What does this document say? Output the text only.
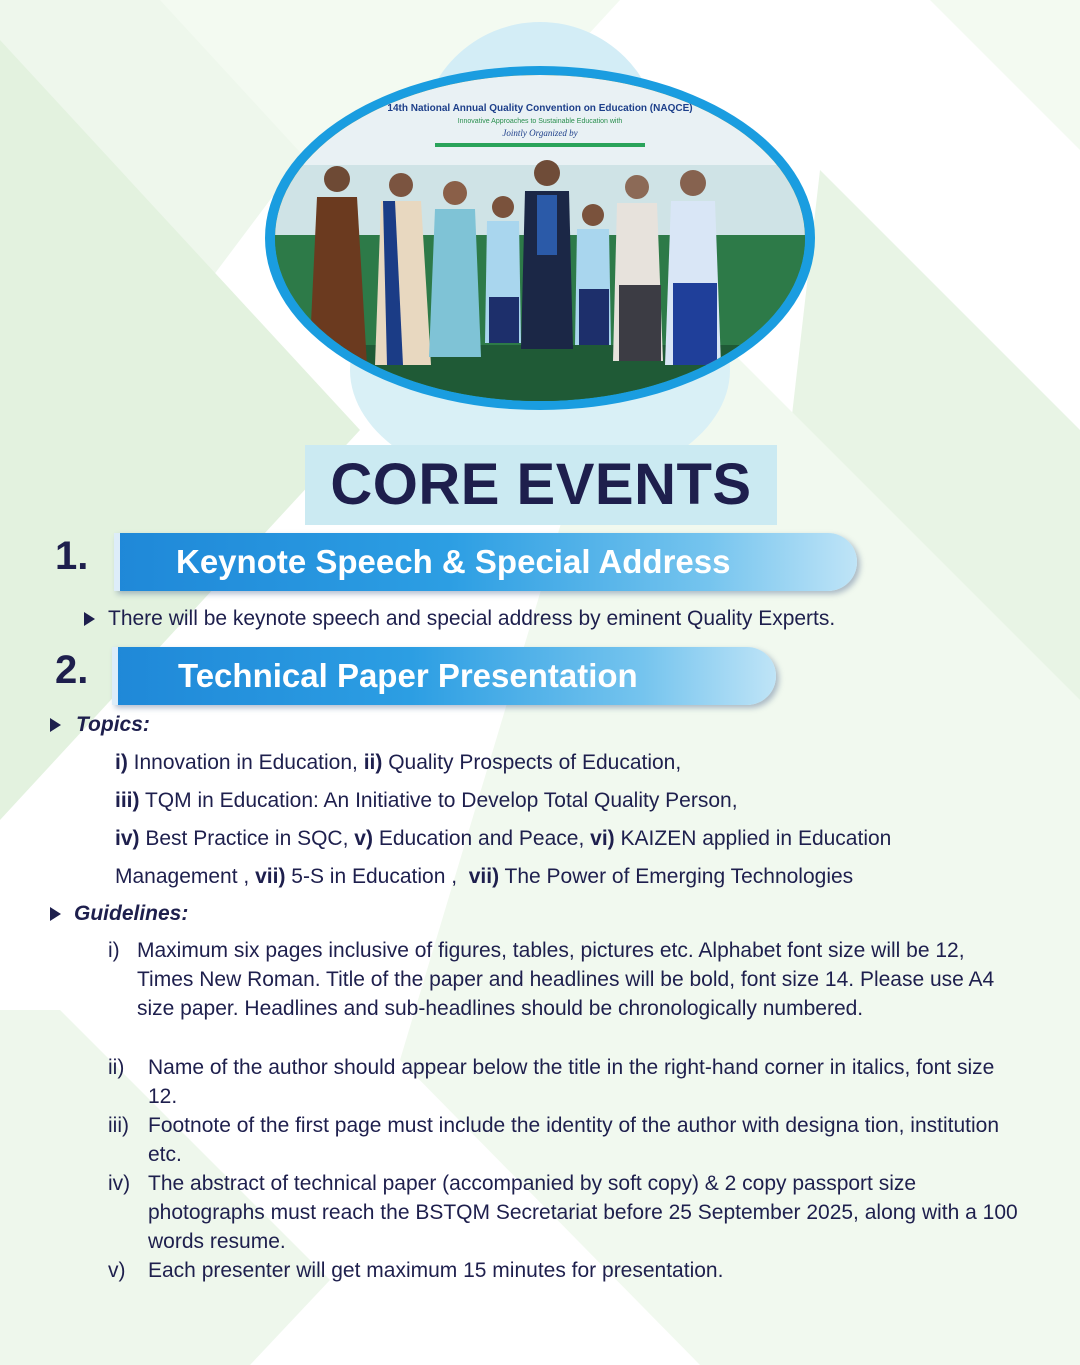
14th National Annual Quality Convention on Education (NAQCE)
Innovative Approaches to Sustainable Education with
Jointly Organized by
CORE EVENTS
1.	Keynote Speech & Special Address
There will be keynote speech and special address by eminent Quality Experts.
2.	Technical Paper Presentation
Topics:
i) Innovation in Education, ii) Quality Prospects of Education,
iii) TQM in Education: An Initiative to Develop Total Quality Person,
iv) Best Practice in SQC, v) Education and Peace, vi) KAIZEN applied in Education
Management , vii) 5-S in Education , vii) The Power of Emerging Technologies
Guidelines:
i) Maximum six pages inclusive of figures, tables, pictures etc. Alphabet font size will be 12, Times New Roman. Title of the paper and headlines will be bold, font size 14. Please use A4 size paper. Headlines and sub-headlines should be chronologically numbered.

ii) Name of the author should appear below the title in the right-hand corner in italics, font size 12.

iii) Footnote of the first page must include the identity of the author with designa tion, institution etc.

iv) The abstract of technical paper (accompanied by soft copy) & 2 copy passport size photographs must reach the BSTQM Secretariat before 25 September 2025, along with a 100 words resume.

v) Each presenter will get maximum 15 minutes for presentation.
